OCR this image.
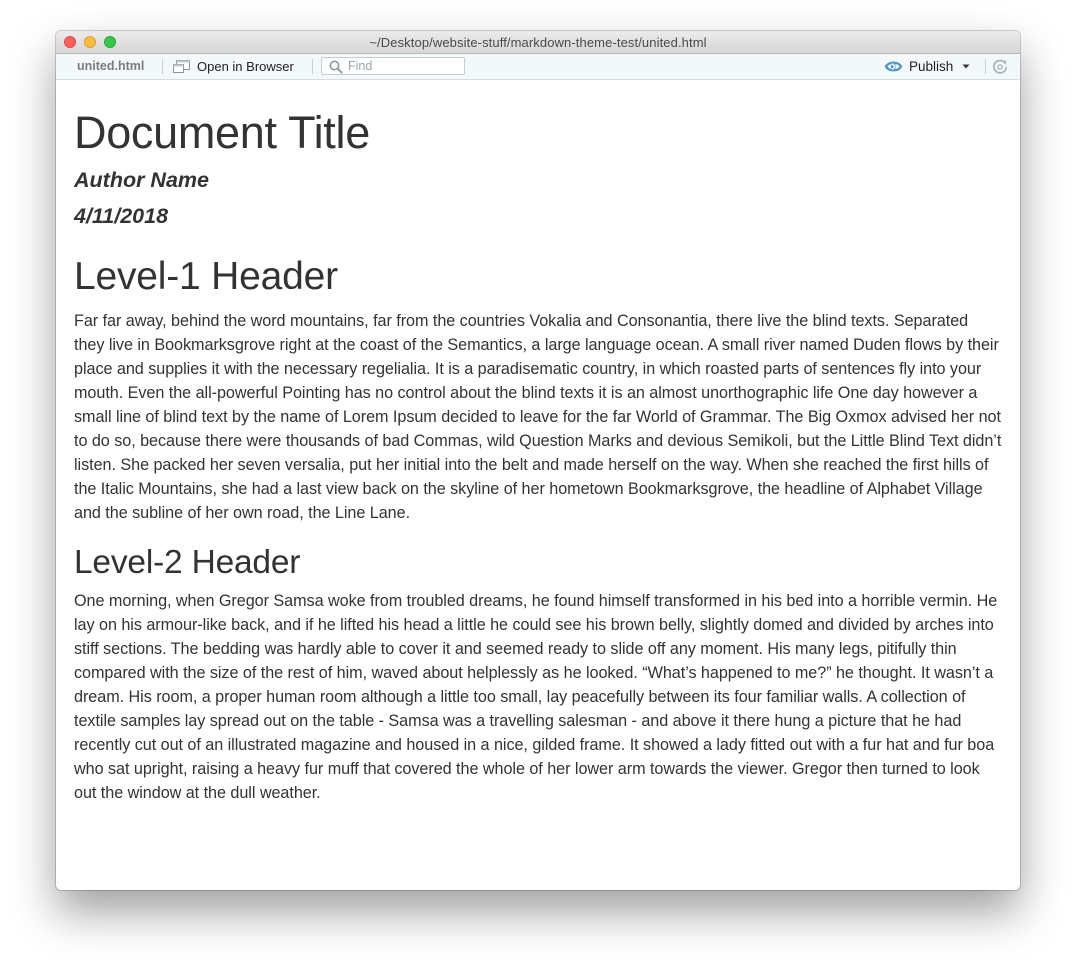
~/Desktop/website-stuff/markdown-theme-test/united.html
united.html	Open in Browser
Find	Publish
Document Title
Author Name
4/11/2018
Level-1 Header

Far far away, behind the word mountains, far from the countries Vokalia and Consonantia, there live the blind texts. Separated they live in Bookmarksgrove right at the coast of the Semantics, a large language ocean. A small river named Duden flows by their place and supplies it with the necessary regelialia. It is a paradisematic country, in which roasted parts of sentences fly into your mouth. Even the all-powerful Pointing has no control about the blind texts it is an almost unorthographic life One day however a small line of blind text by the name of Lorem Ipsum decided to leave for the far World of Grammar. The Big Oxmox advised her not to do so, because there were thousands of bad Commas, wild Question Marks and devious Semikoli, but the Little Blind Text didn’t listen. She packed her seven versalia, put her initial into the belt and made herself on the way. When she reached the first hills of the Italic Mountains, she had a last view back on the skyline of her hometown Bookmarksgrove, the headline of Alphabet Village and the subline of her own road, the Line Lane.

Level-2 Header

One morning, when Gregor Samsa woke from troubled dreams, he found himself transformed in his bed into a horrible vermin. He lay on his armour-like back, and if he lifted his head a little he could see his brown belly, slightly domed and divided by arches into stiff sections. The bedding was hardly able to cover it and seemed ready to slide off any moment. His many legs, pitifully thin compared with the size of the rest of him, waved about helplessly as he looked. “What’s happened to me?” he thought. It wasn’t a dream. His room, a proper human room although a little too small, lay peacefully between its four familiar walls. A collection of textile samples lay spread out on the table - Samsa was a travelling salesman - and above it there hung a picture that he had recently cut out of an illustrated magazine and housed in a nice, gilded frame. It showed a lady fitted out with a fur hat and fur boa who sat upright, raising a heavy fur muff that covered the whole of her lower arm towards the viewer. Gregor then turned to look out the window at the dull weather.
